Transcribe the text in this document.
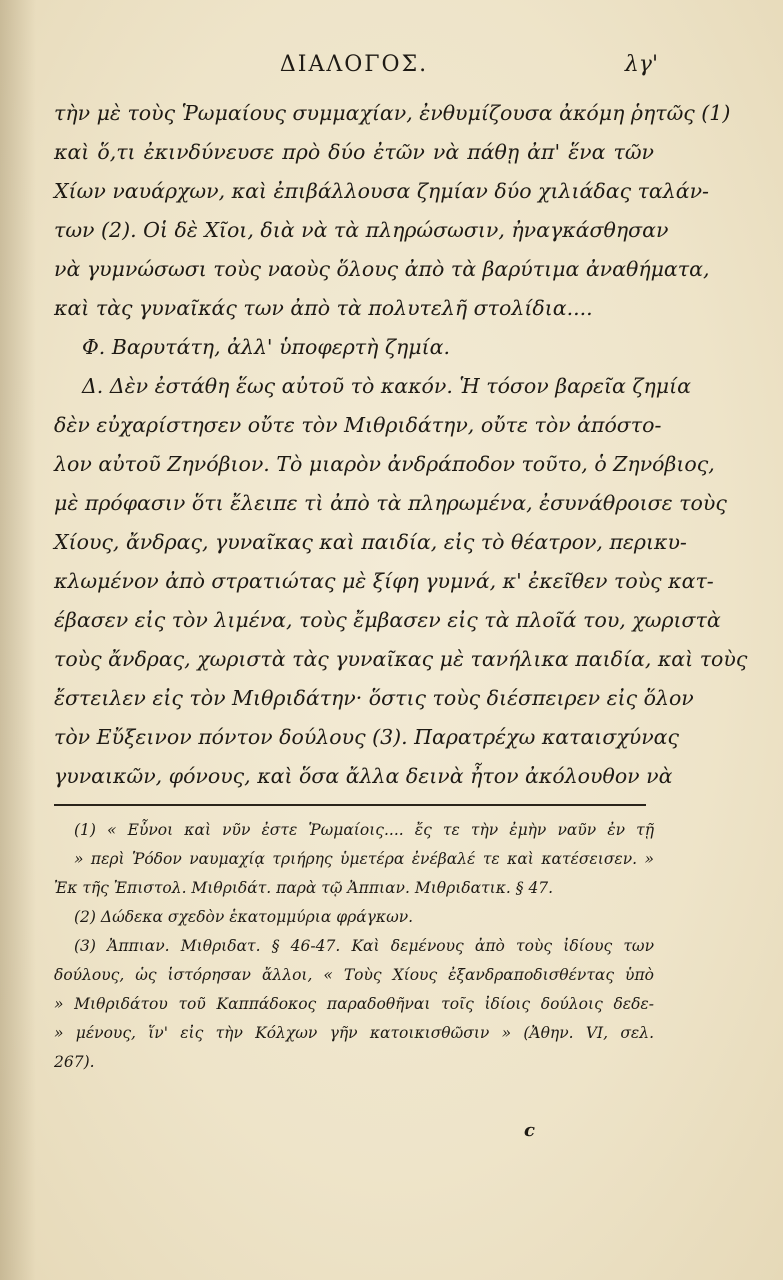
ΔΙΑΛΟΓΟΣ.	λγ'
τὴν μὲ τοὺς Ῥωμαίους συμμαχίαν, ἐνθυμίζουσα ἀκόμη ῥητῶς (1)
καὶ ὅ,τι ἐκινδύνευσε πρὸ δύο ἐτῶν νὰ πάθῃ ἀπ' ἕνα τῶν
Χίων ναυάρχων, καὶ ἐπιβάλλουσα ζημίαν δύο χιλιάδας ταλάν-
των (2). Οἱ δὲ Χῖοι, διὰ νὰ τὰ πληρώσωσιν, ἠναγκάσθησαν
νὰ γυμνώσωσι τοὺς ναοὺς ὅλους ἀπὸ τὰ βαρύτιμα ἀναθήματα,
καὶ τὰς γυναῖκάς των ἀπὸ τὰ πολυτελῆ στολίδια....
Φ. Βαρυτάτη, ἀλλ' ὑποφερτὴ ζημία.
Δ. Δὲν ἐστάθη ἕως αὐτοῦ τὸ κακόν. Ἡ τόσον βαρεῖα ζημία
δὲν εὐχαρίστησεν οὔτε τὸν Μιθριδάτην, οὔτε τὸν ἀπόστο-
λον αὐτοῦ Ζηνόβιον. Τὸ μιαρὸν ἀνδράποδον τοῦτο, ὁ Ζηνόβιος,
μὲ πρόφασιν ὅτι ἔλειπε τὶ ἀπὸ τὰ πληρωμένα, ἐσυνάθροισε τοὺς
Χίους, ἄνδρας, γυναῖκας καὶ παιδία, εἰς τὸ θέατρον, περικυ-
κλωμένον ἀπὸ στρατιώτας μὲ ξίφη γυμνά, κ' ἐκεῖθεν τοὺς κατ-
έβασεν εἰς τὸν λιμένα, τοὺς ἔμβασεν εἰς τὰ πλοῖά του, χωριστὰ
τοὺς ἄνδρας, χωριστὰ τὰς γυναῖκας μὲ τανήλικα παιδία, καὶ τοὺς
ἔστειλεν εἰς τὸν Μιθριδάτην· ὅστις τοὺς διέσπειρεν εἰς ὅλον
τὸν Εὔξεινον πόντον δούλους (3). Παρατρέχω καταισχύνας
γυναικῶν, φόνους, καὶ ὅσα ἄλλα δεινὰ ἦτον ἀκόλουθον νὰ
(1) « Εὖνοι καὶ νῦν ἐστε Ῥωμαίοις.... ἔς τε τὴν ἐμὴν ναῦν ἐν τῇ
» περὶ Ῥόδον ναυμαχίᾳ τριήρης ὑμετέρα ἐνέβαλέ τε καὶ κατέσεισεν. »
Ἐκ τῆς Ἐπιστολ. Μιθριδάτ. παρὰ τῷ Ἀππιαν. Μιθριδατικ. § 47.
(2) Δώδεκα σχεδὸν ἑκατομμύρια φράγκων.
(3) Ἀππιαν. Μιθριδατ. § 46-47. Καὶ δεμένους ἀπὸ τοὺς ἰδίους των
δούλους, ὡς ἱστόρησαν ἄλλοι, « Τοὺς Χίους ἐξανδραποδισθέντας ὑπὸ
» Μιθριδάτου τοῦ Καππάδοκος παραδοθῆναι τοῖς ἰδίοις δούλοις δεδε-
» μένους, ἵν' εἰς τὴν Κόλχων γῆν κατοικισθῶσιν » (Ἀθην. VI, σελ.
267).
c
